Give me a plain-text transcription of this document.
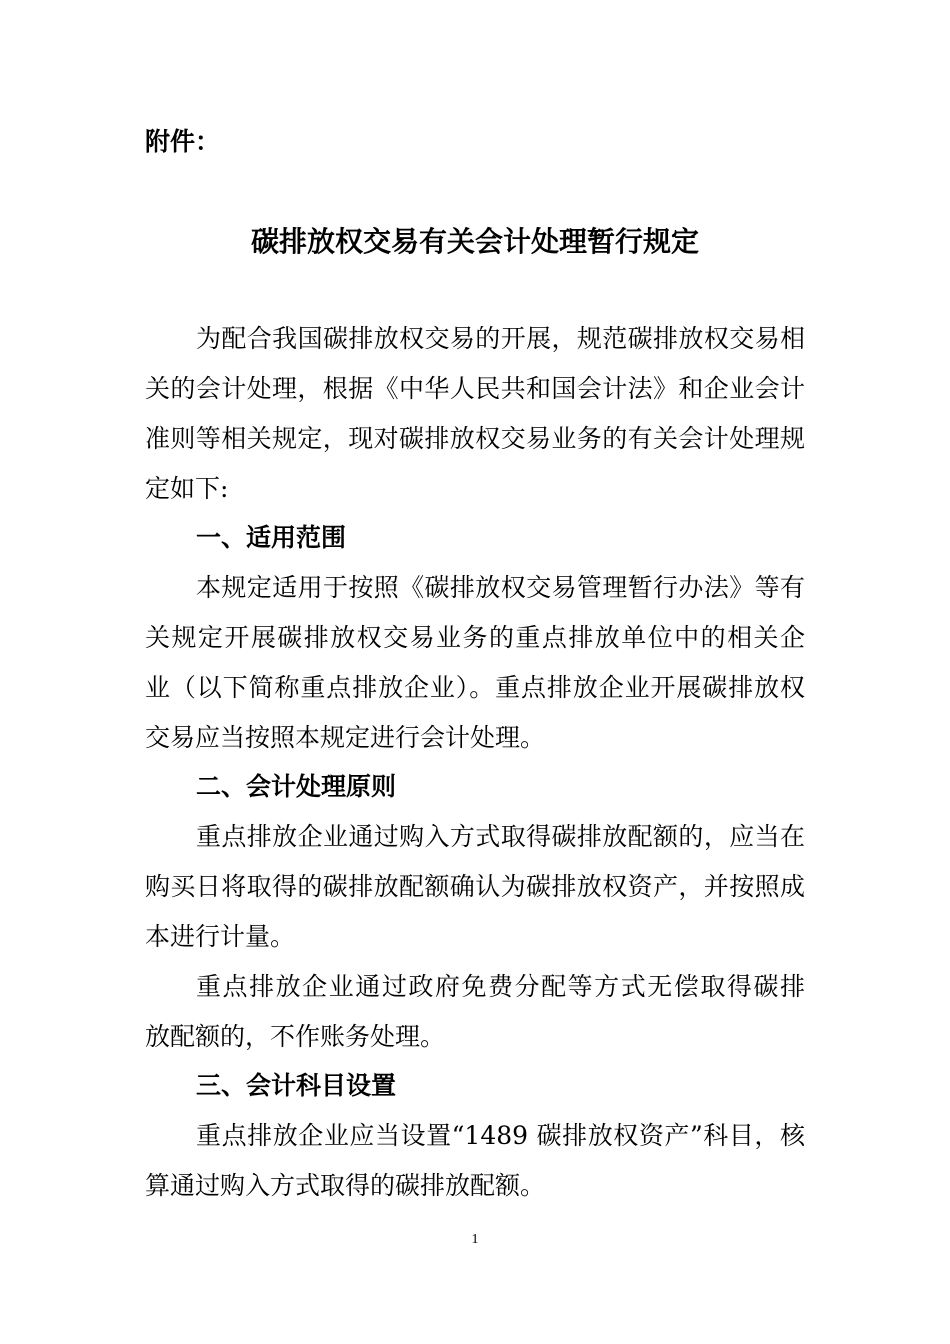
附件：
碳排放权交易有关会计处理暂行规定
为配合我国碳排放权交易的开展，规范碳排放权交易相
关的会计处理，根据《中华人民共和国会计法》和企业会计
准则等相关规定，现对碳排放权交易业务的有关会计处理规
定如下:
一、适用范围
本规定适用于按照《碳排放权交易管理暂行办法》等有
关规定开展碳排放权交易业务的重点排放单位中的相关企
业（以下简称重点排放企业）。重点排放企业开展碳排放权
交易应当按照本规定进行会计处理。
二、会计处理原则
重点排放企业通过购入方式取得碳排放配额的，应当在
购买日将取得的碳排放配额确认为碳排放权资产，并按照成
本进行计量。
重点排放企业通过政府免费分配等方式无偿取得碳排
放配额的，不作账务处理。
三、会计科目设置
重点排放企业应当设置“1489 碳排放权资产”科目，核
算通过购入方式取得的碳排放配额。
1
